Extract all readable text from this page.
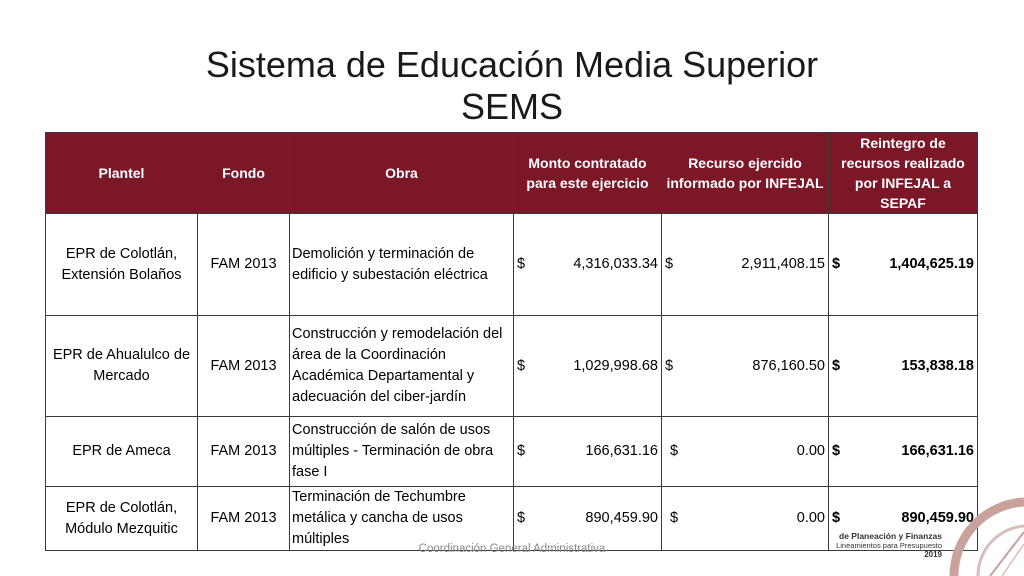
Sistema de Educación Media Superior
SEMS
Plantel	Fondo	Obra	Monto contratado para este ejercicio	Recurso ejercido informado por INFEJAL	Reintegro de recursos realizado por INFEJAL a SEPAF
EPR de Colotlán, Extensión Bolaños	FAM 2013	Demolición y terminación de edificio y subestación eléctrica	$ 4,316,033.34	$ 2,911,408.15	$ 1,404,625.19

EPR de Ahualulco de Mercado	FAM 2013	Construcción y remodelación del área de la Coordinación Académica Departamental y adecuación del ciber-jardín	$ 1,029,998.68	$ 876,160.50	$ 153,838.18

EPR de Ameca	FAM 2013	Construcción de salón de usos múltiples - Terminación de obra fase I	$ 166,631.16	$ 0.00	$ 166,631.16

EPR de Colotlán, Módulo Mezquitic	FAM 2013	Terminación de Techumbre metálica y cancha de usos múltiples	$ 890,459.90	$ 0.00	$ 890,459.90
Coordinación General Administrativa
de Planeación y Finanzas
Lineamientos para Presupuesto
2019
